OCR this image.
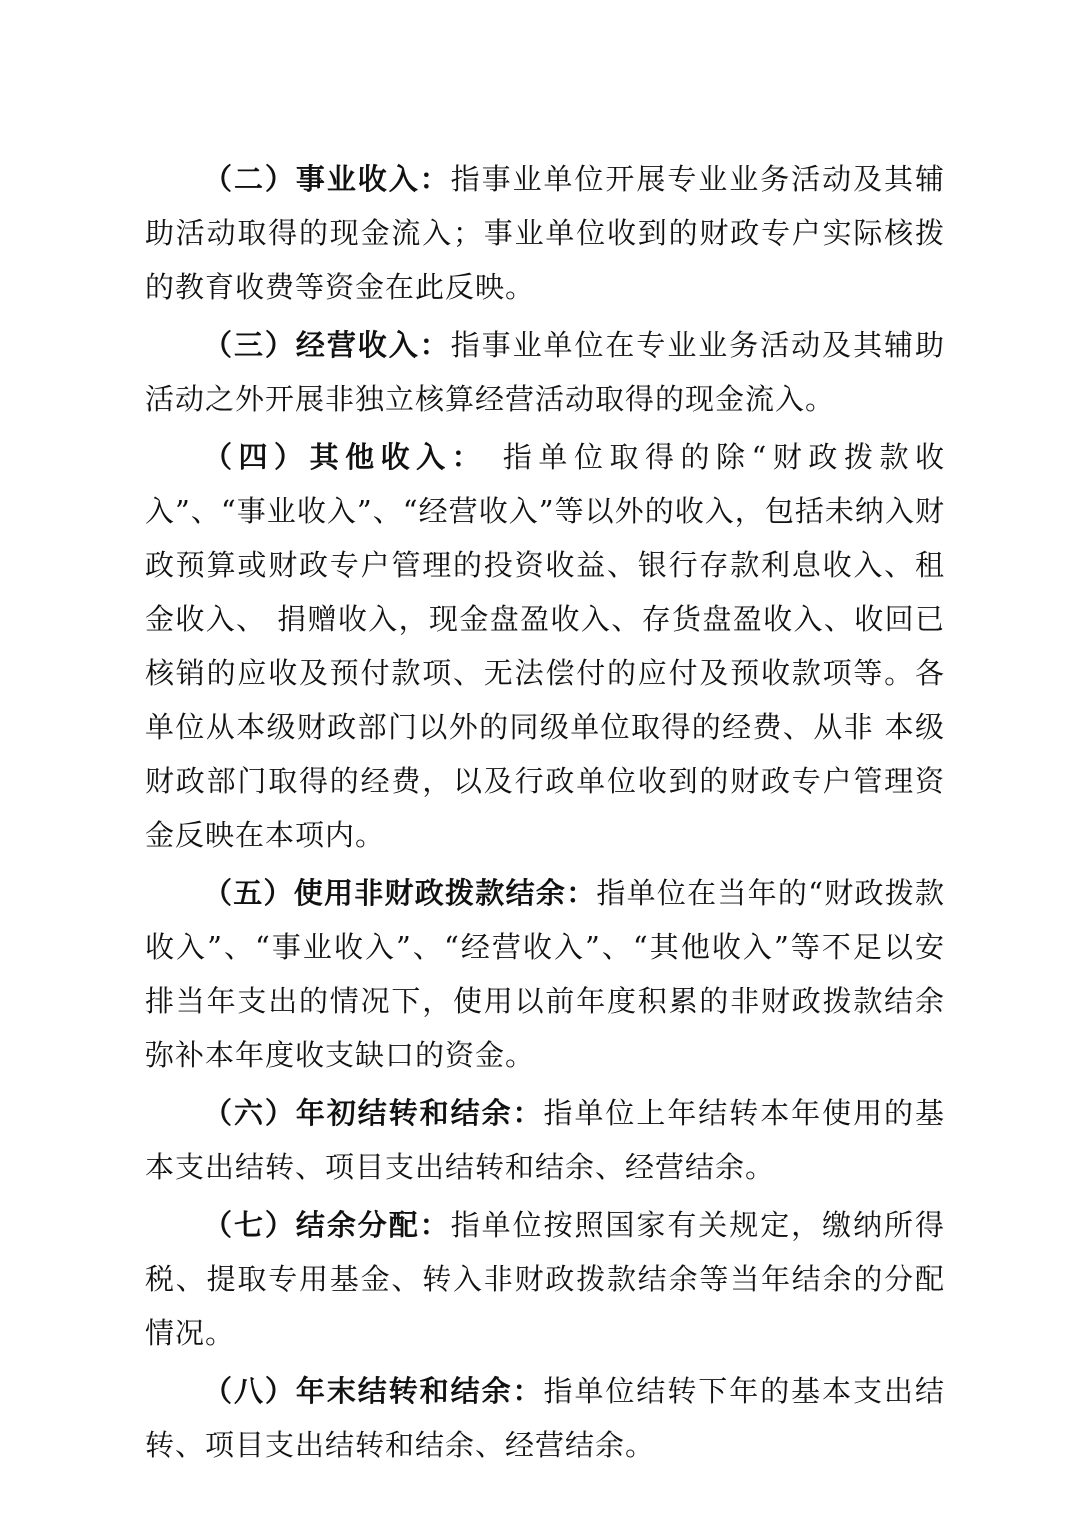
（二）事业收入：指事业单位开展专业业务活动及其辅助活动取得的现金流入；事业单位收到的财政专户实际核拨的教育收费等资金在此反映。

（三）经营收入：指事业单位在专业业务活动及其辅助活动之外开展非独立核算经营活动取得的现金流入。

（四）其他收入： 指单位取得的除“财政拨款收入”、“事业收入”、“经营收入”等以外的收入，包括未纳入财政预算或财政专户管理的投资收益、银行存款利息收入、租金收入、 捐赠收入，现金盘盈收入、存货盘盈收入、收回已核销的应收及预付款项、无法偿付的应付及预收款项等。各单位从本级财政部门以外的同级单位取得的经费、从非 本级财政部门取得的经费，以及行政单位收到的财政专户管理资金反映在本项内。

（五）使用非财政拨款结余：指单位在当年的“财政拨款收入”、“事业收入”、“经营收入”、“其他收入”等不足以安排当年支出的情况下，使用以前年度积累的非财政拨款结余弥补本年度收支缺口的资金。

（六）年初结转和结余：指单位上年结转本年使用的基本支出结转、项目支出结转和结余、经营结余。

（七）结余分配：指单位按照国家有关规定，缴纳所得税、提取专用基金、转入非财政拨款结余等当年结余的分配情况。

（八）年末结转和结余：指单位结转下年的基本支出结转、项目支出结转和结余、经营结余。
